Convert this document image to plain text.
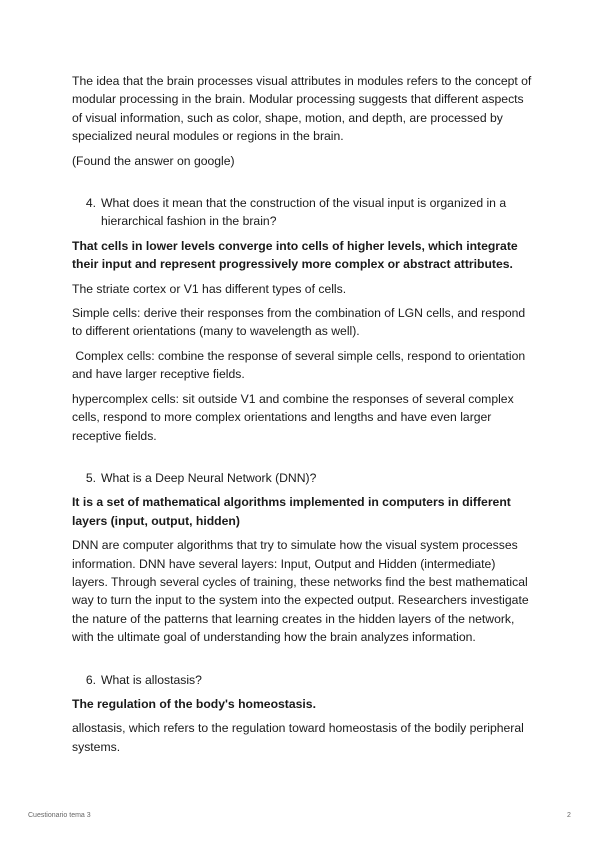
The idea that the brain processes visual attributes in modules refers to the concept of modular processing in the brain. Modular processing suggests that different aspects of visual information, such as color, shape, motion, and depth, are processed by specialized neural modules or regions in the brain.

(Found the answer on google)

4. What does it mean that the construction of the visual input is organized in a hierarchical fashion in the brain?

That cells in lower levels converge into cells of higher levels, which integrate their input and represent progressively more complex or abstract attributes.

The striate cortex or V1 has different types of cells.

Simple cells: derive their responses from the combination of LGN cells, and respond to different orientations (many to wavelength as well).

Complex cells: combine the response of several simple cells, respond to orientation and have larger receptive fields.

hypercomplex cells: sit outside V1 and combine the responses of several complex cells, respond to more complex orientations and lengths and have even larger receptive fields.

5. What is a Deep Neural Network (DNN)?

It is a set of mathematical algorithms implemented in computers in different layers (input, output, hidden)

DNN are computer algorithms that try to simulate how the visual system processes information. DNN have several layers: Input, Output and Hidden (intermediate) layers. Through several cycles of training, these networks find the best mathematical way to turn the input to the system into the expected output. Researchers investigate the nature of the patterns that learning creates in the hidden layers of the network, with the ultimate goal of understanding how the brain analyzes information.

6. What is allostasis?

The regulation of the body's homeostasis.

allostasis, which refers to the regulation toward homeostasis of the bodily peripheral systems.

Cuestionario tema 3	2
